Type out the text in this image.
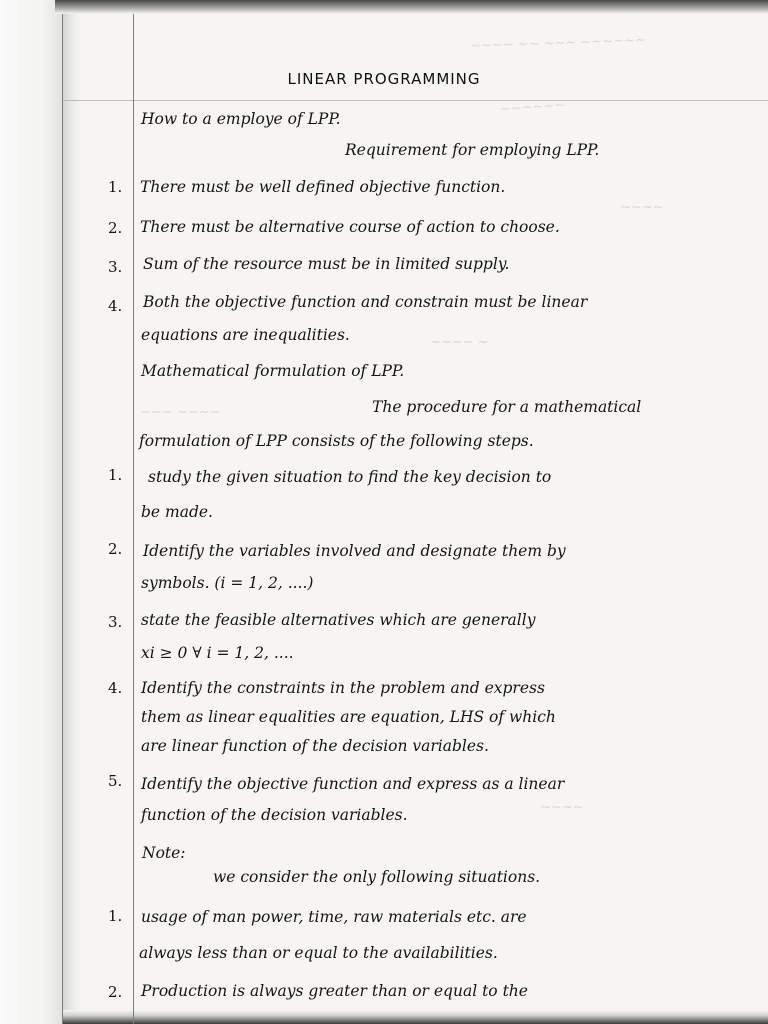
~~~~ ~~ ~~~ ~~~~~~
~~~~~~
~~~~
~~~~ ~
~~~ ~~~~
~~~~
LINEAR PROGRAMMING
1.
2.
3.
4.
1.
2.
3.
4.
5.
1.
2.
How to a employe of LPP.
Requirement for employing LPP.
There must be well defined objective function.
There must be alternative course of action to choose.
Sum of the resource must be in limited supply.
Both the objective function and constrain must be linear
equations are inequalities.
Mathematical formulation of LPP.
The procedure for a mathematical
formulation of LPP consists of the following steps.
study the given situation to find the key decision to
be made.
Identify the variables involved and designate them by
symbols. (i = 1, 2, ....)
state the feasible alternatives which are generally
xi ≥ 0 ∀ i = 1, 2, ....
Identify the constraints in the problem and express
them as linear equalities are equation, LHS of which
are linear function of the decision variables.
Identify the objective function and express as a linear
function of the decision variables.
Note:
we consider the only following situations.
usage of man power, time, raw materials etc. are
always less than or equal to the availabilities.
Production is always greater than or equal to the
